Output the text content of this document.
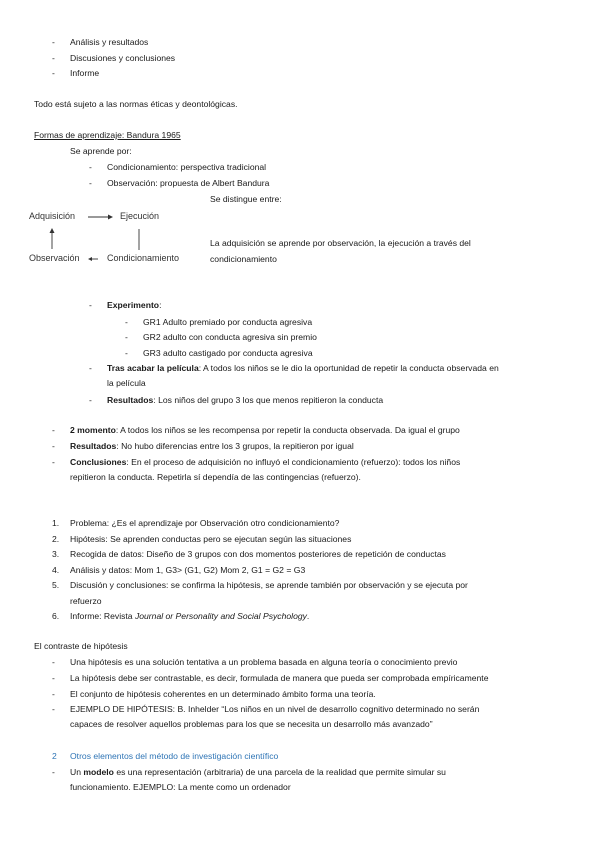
-	Análisis y resultados
-	Discusiones y conclusiones
-	Informe
Todo está sujeto a las normas éticas y deontológicas.
Formas de aprendizaje: Bandura 1965
Se aprende por:
-	Condicionamiento: perspectiva tradicional
-	Observación: propuesta de Albert Bandura
Se distingue entre:
Adquisición	Ejecución
Observación	Condicionamiento
La adquisición se aprende por observación, la ejecución a través del
condicionamiento
-	Experimento:
-	GR1 Adulto premiado por conducta agresiva
-	GR2 adulto con conducta agresiva sin premio
-	GR3 adulto castigado por conducta agresiva
-	Tras acabar la película: A todos los niños se le dio la oportunidad de repetir la conducta observada en
la película
-	Resultados: Los niños del grupo 3 los que menos repitieron la conducta
-	2 momento: A todos los niños se les recompensa por repetir la conducta observada. Da igual el grupo
-	Resultados: No hubo diferencias entre los 3 grupos, la repitieron por igual
-	Conclusiones: En el proceso de adquisición no influyó el condicionamiento (refuerzo): todos los niños
repitieron la conducta. Repetirla sí dependía de las contingencias (refuerzo).
1.	Problema: ¿Es el aprendizaje por Observación otro condicionamiento?
2.	Hipótesis: Se aprenden conductas pero se ejecutan según las situaciones
3.	Recogida de datos: Diseño de 3 grupos con dos momentos posteriores de repetición de conductas
4.	Análisis y datos: Mom 1, G3> (G1, G2) Mom 2, G1 = G2 = G3
5.	Discusión y conclusiones: se confirma la hipótesis, se aprende también por observación y se ejecuta por
refuerzo
6.	Informe: Revista Journal or Personality and Social Psychology.
El contraste de hipótesis
-	Una hipótesis es una solución tentativa a un problema basada en alguna teoría o conocimiento previo
-	La hipótesis debe ser contrastable, es decir, formulada de manera que pueda ser comprobada empíricamente
-	El conjunto de hipótesis coherentes en un determinado ámbito forma una teoría.
-	EJEMPLO DE HIPÓTESIS: B. Inhelder “Los niños en un nivel de desarrollo cognitivo determinado no serán
capaces de resolver aquellos problemas para los que se necesita un desarrollo más avanzado”
2 Otros elementos del método de investigación científico
-	Un modelo es una representación (arbitraria) de una parcela de la realidad que permite simular su
funcionamiento. EJEMPLO: La mente como un ordenador
